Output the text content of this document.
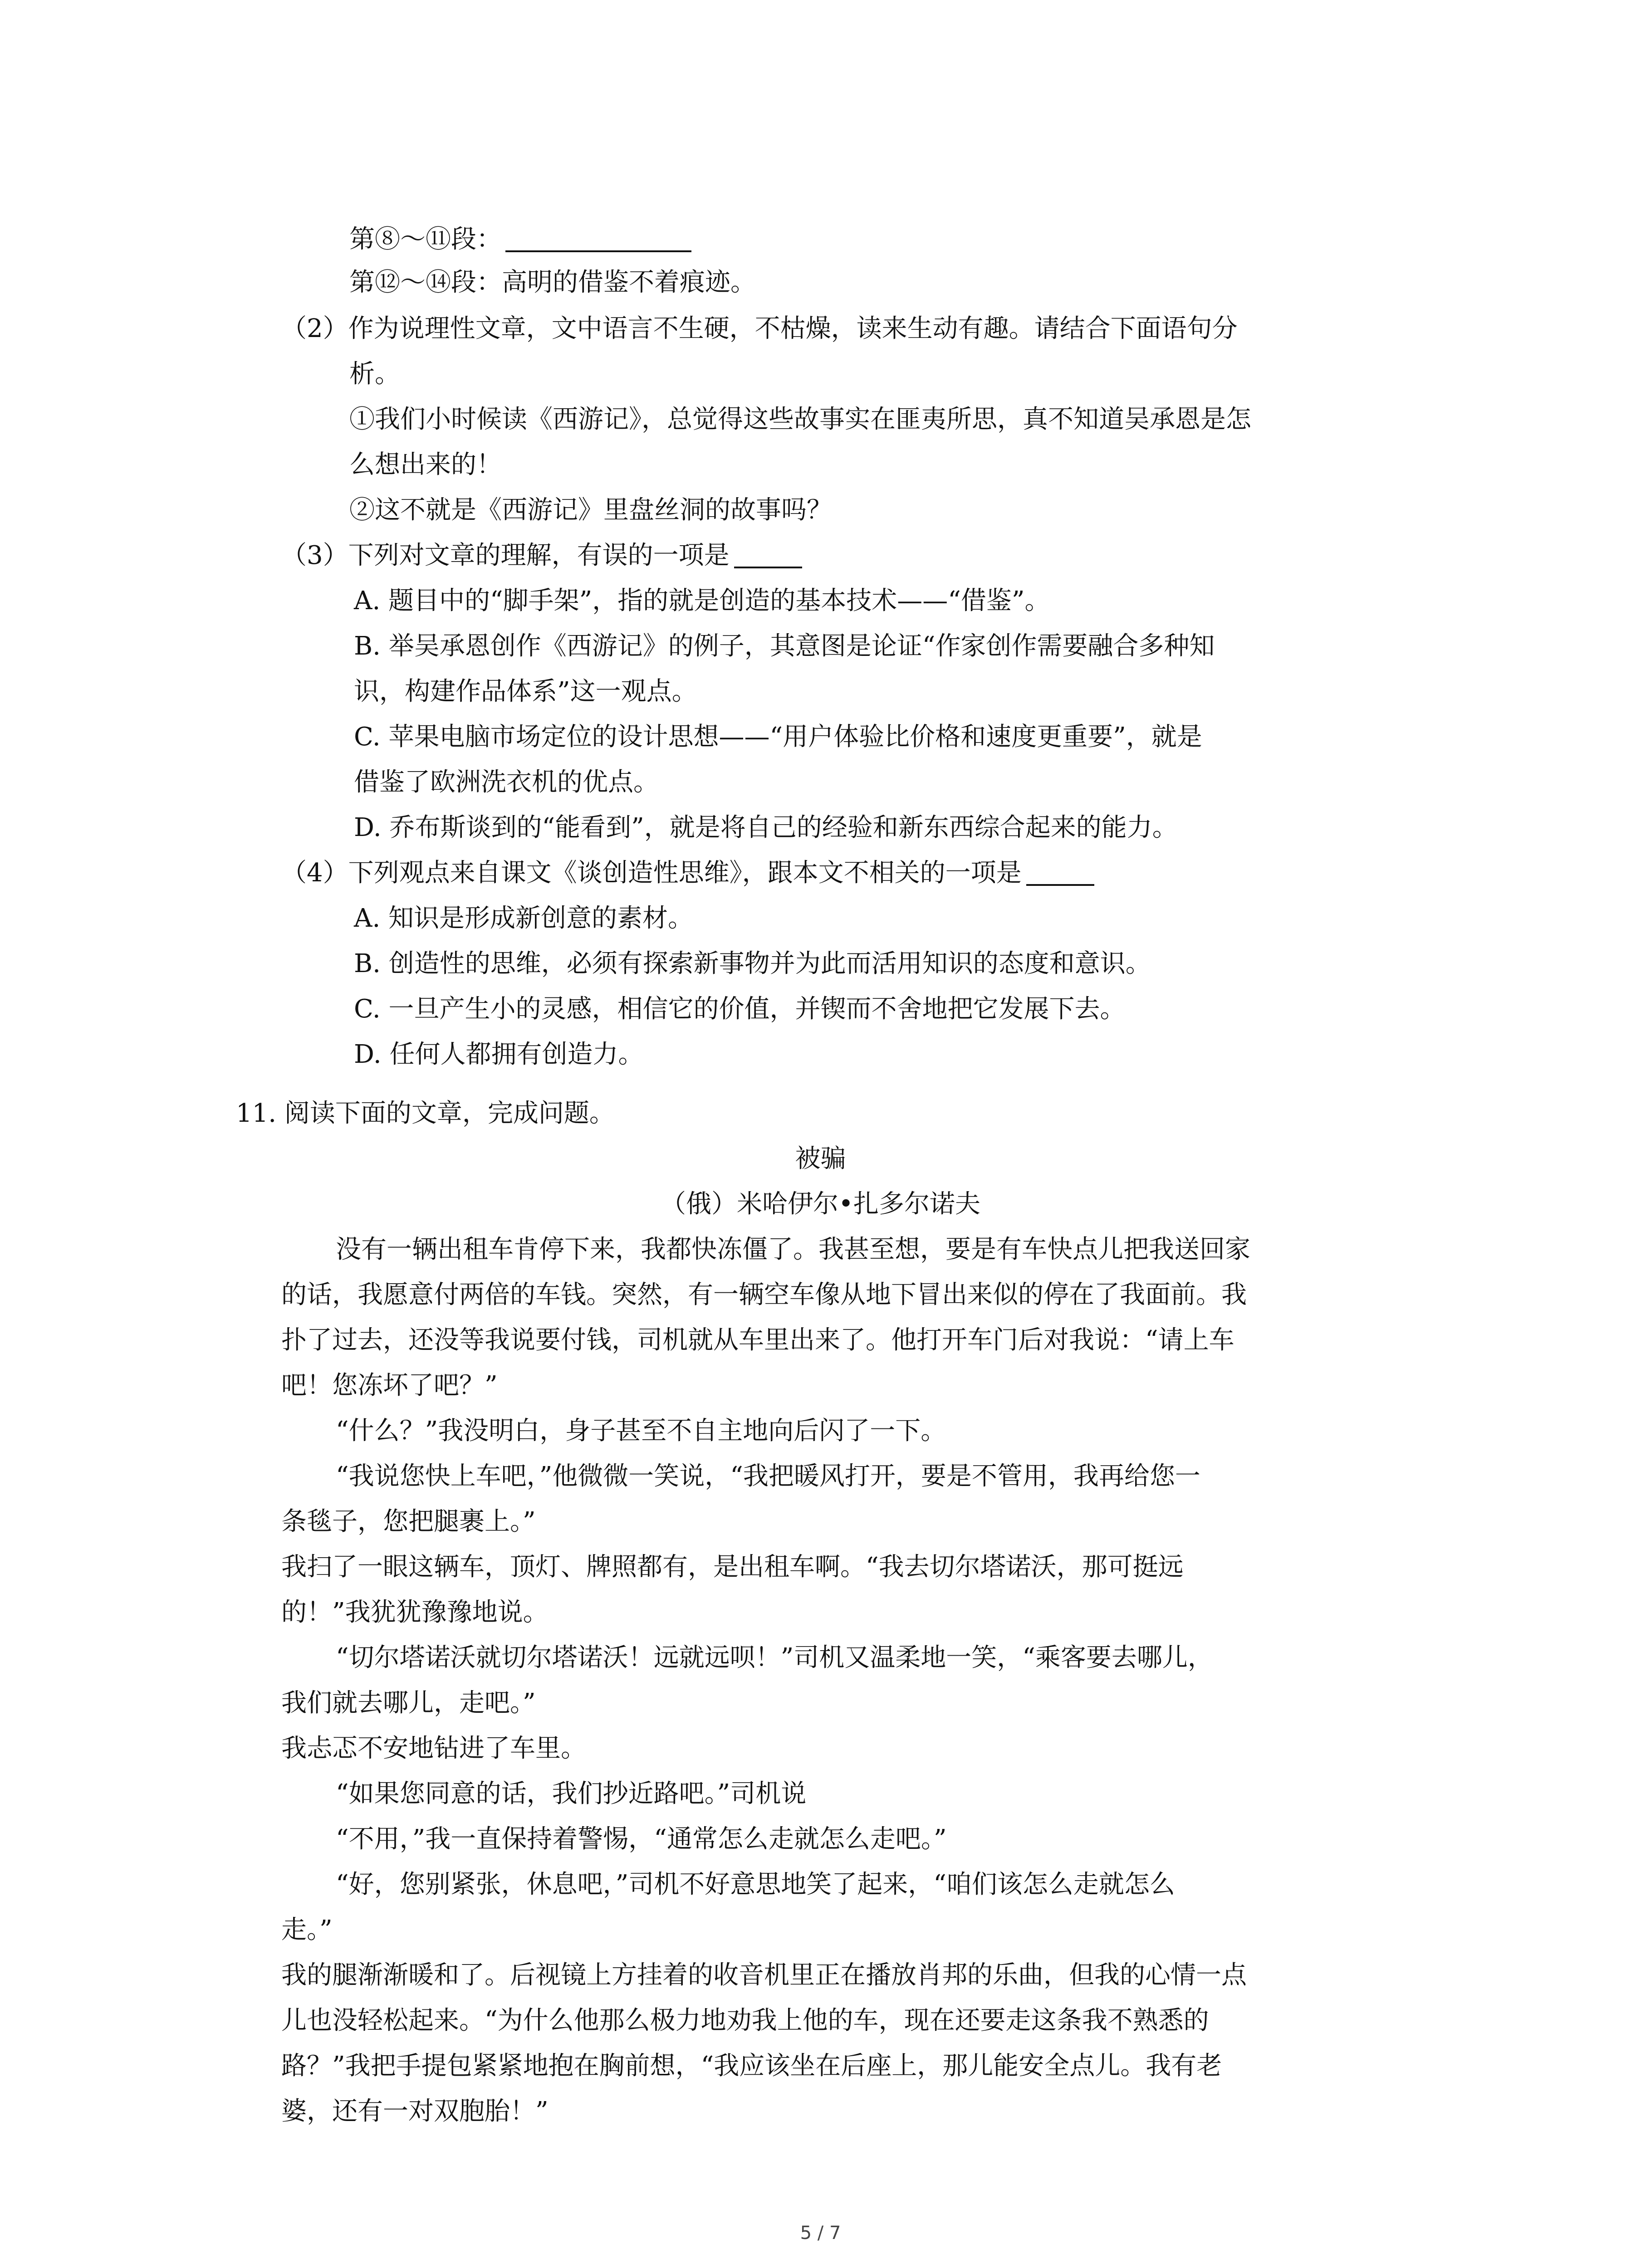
第⑧～⑪段：
第⑫～⑭段：高明的借鉴不着痕迹。
（2）作为说理性文章，文中语言不生硬，不枯燥，读来生动有趣。请结合下面语句分
析。
①我们小时候读《西游记》，总觉得这些故事实在匪夷所思，真不知道吴承恩是怎
么想出来的！
②这不就是《西游记》里盘丝洞的故事吗？
（3）下列对文章的理解，有误的一项是
A. 题目中的“脚手架”，指的就是创造的基本技术——“借鉴”。
B. 举吴承恩创作《西游记》的例子，其意图是论证“作家创作需要融合多种知
识，构建作品体系”这一观点。
C. 苹果电脑市场定位的设计思想——“用户体验比价格和速度更重要”，就是
借鉴了欧洲洗衣机的优点。
D. 乔布斯谈到的“能看到”，就是将自己的经验和新东西综合起来的能力。
（4）下列观点来自课文《谈创造性思维》，跟本文不相关的一项是
A. 知识是形成新创意的素材。
B. 创造性的思维，必须有探索新事物并为此而活用知识的态度和意识。
C. 一旦产生小的灵感，相信它的价值，并锲而不舍地把它发展下去。
D. 任何人都拥有创造力。
11. 阅读下面的文章，完成问题。
被骗
（俄）米哈伊尔•扎多尔诺夫
没有一辆出租车肯停下来，我都快冻僵了。我甚至想，要是有车快点儿把我送回家
的话，我愿意付两倍的车钱。突然，有一辆空车像从地下冒出来似的停在了我面前。我
扑了过去，还没等我说要付钱，司机就从车里出来了。他打开车门后对我说：“请上车
吧！您冻坏了吧？”
“什么？”我没明白，身子甚至不自主地向后闪了一下。
“我说您快上车吧，”他微微一笑说，“我把暖风打开，要是不管用，我再给您一
条毯子，您把腿裹上。”
我扫了一眼这辆车，顶灯、牌照都有，是出租车啊。“我去切尔塔诺沃，那可挺远
的！”我犹犹豫豫地说。
“切尔塔诺沃就切尔塔诺沃！远就远呗！”司机又温柔地一笑，“乘客要去哪儿，
我们就去哪儿，走吧。”
我忐忑不安地钻进了车里。
“如果您同意的话，我们抄近路吧。”司机说
“不用，”我一直保持着警惕，“通常怎么走就怎么走吧。”
“好，您别紧张，休息吧，”司机不好意思地笑了起来，“咱们该怎么走就怎么
走。”
我的腿渐渐暖和了。后视镜上方挂着的收音机里正在播放肖邦的乐曲，但我的心情一点
儿也没轻松起来。“为什么他那么极力地劝我上他的车，现在还要走这条我不熟悉的
路？”我把手提包紧紧地抱在胸前想，“我应该坐在后座上，那儿能安全点儿。我有老
婆，还有一对双胞胎！”
5 / 7
